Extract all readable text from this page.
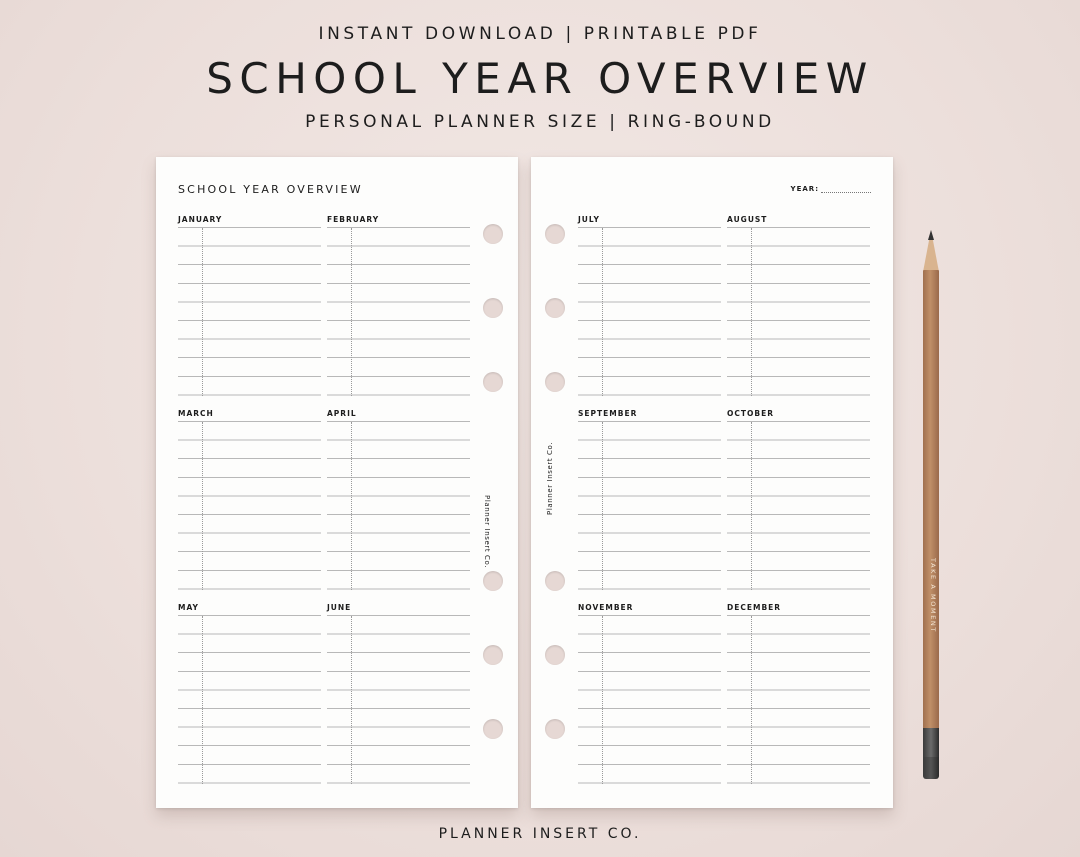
INSTANT DOWNLOAD | PRINTABLE PDF
SCHOOL YEAR OVERVIEW
PERSONAL PLANNER SIZE | RING-BOUND
SCHOOL YEAR OVERVIEW
JANUARY	FEBRUARY
MARCH	APRIL
MAY	JUNE
Planner Insert Co.
YEAR:
JULY	AUGUST
SEPTEMBER	OCTOBER
NOVEMBER	DECEMBER
Planner Insert Co.
TAKE A MOMENT
PLANNER INSERT CO.
